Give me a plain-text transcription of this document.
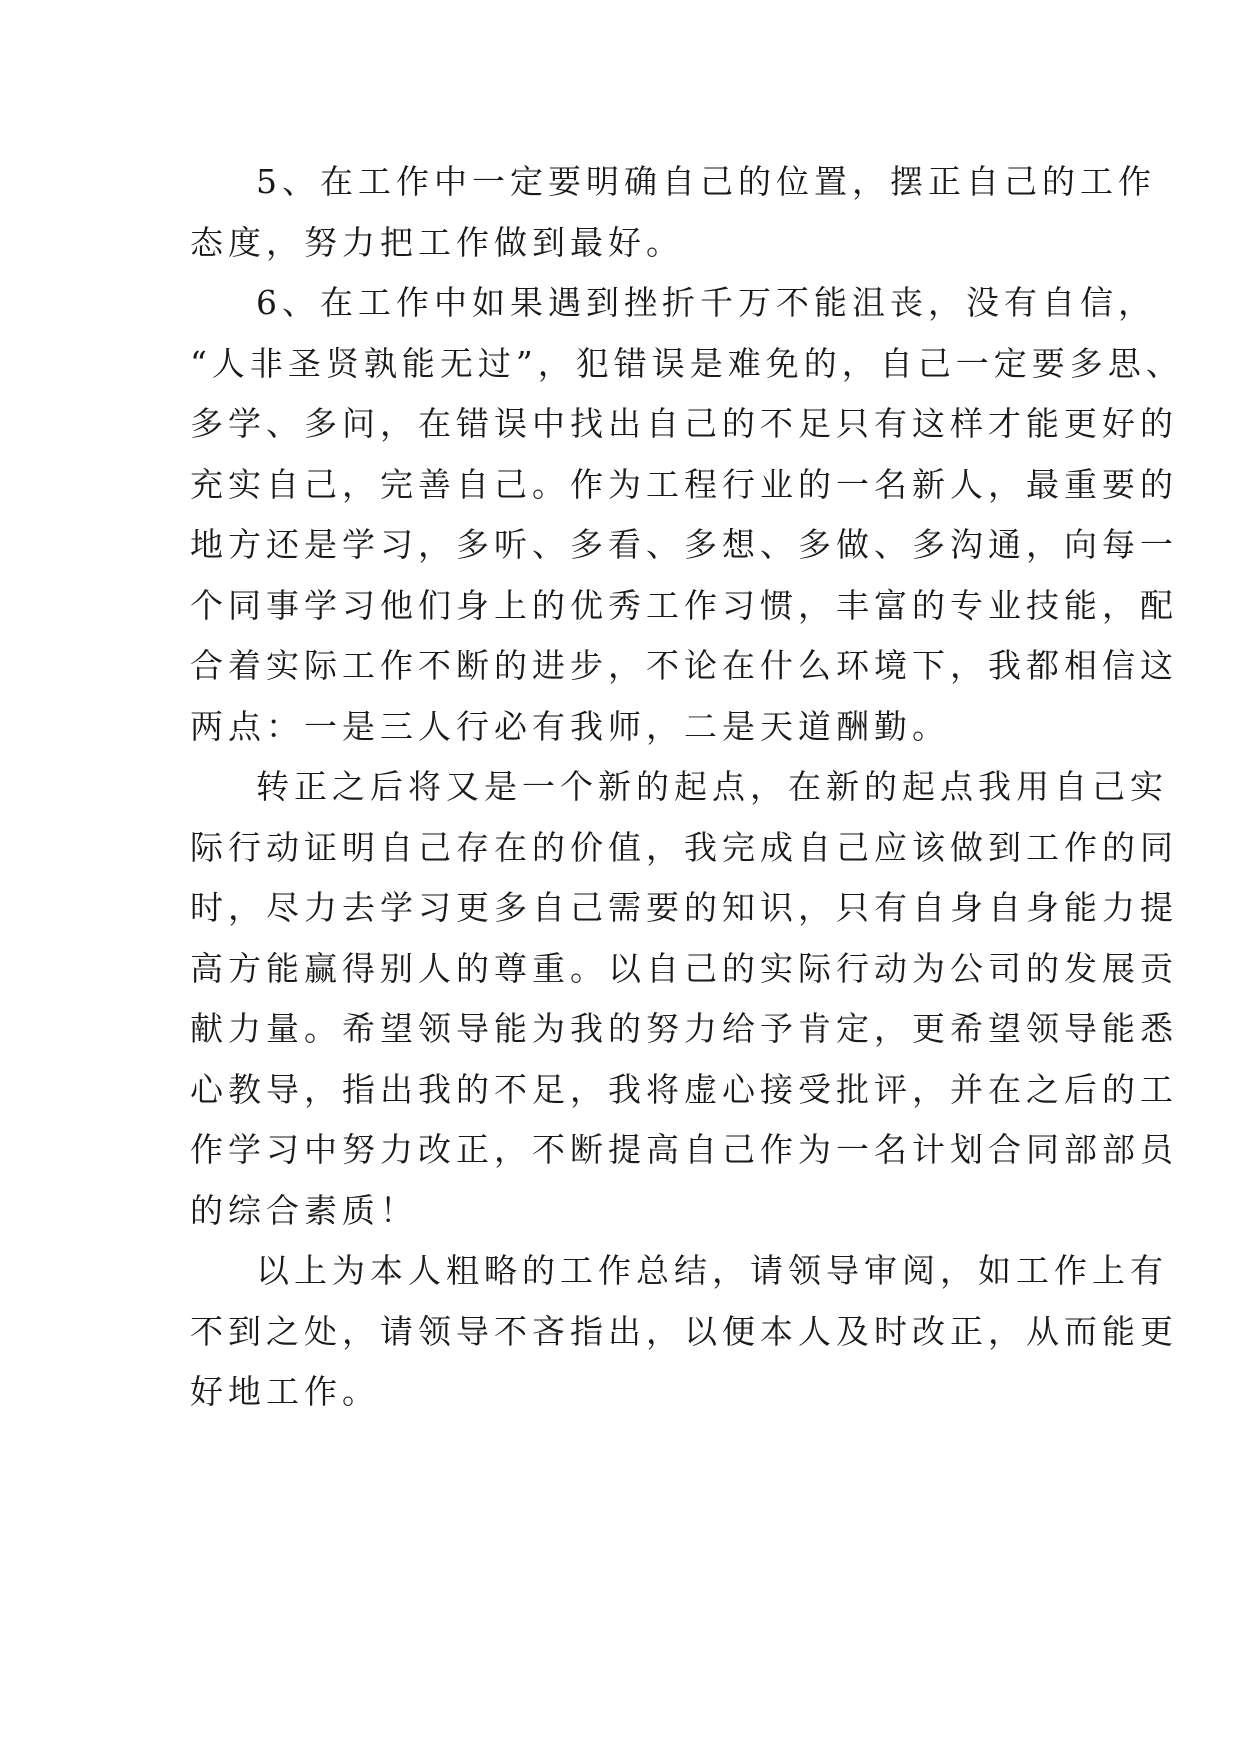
5、在工作中一定要明确自己的位置，摆正自己的工作
态度，努力把工作做到最好。
6、在工作中如果遇到挫折千万不能沮丧，没有自信，
“人非圣贤孰能无过”，犯错误是难免的，自己一定要多思、
多学、多问，在错误中找出自己的不足只有这样才能更好的
充实自己，完善自己。作为工程行业的一名新人，最重要的
地方还是学习，多听、多看、多想、多做、多沟通，向每一
个同事学习他们身上的优秀工作习惯，丰富的专业技能，配
合着实际工作不断的进步，不论在什么环境下，我都相信这
两点：一是三人行必有我师，二是天道酬勤。
转正之后将又是一个新的起点，在新的起点我用自己实
际行动证明自己存在的价值，我完成自己应该做到工作的同
时，尽力去学习更多自己需要的知识，只有自身自身能力提
高方能赢得别人的尊重。以自己的实际行动为公司的发展贡
献力量。希望领导能为我的努力给予肯定，更希望领导能悉
心教导，指出我的不足，我将虚心接受批评，并在之后的工
作学习中努力改正，不断提高自己作为一名计划合同部部员
的综合素质！
以上为本人粗略的工作总结，请领导审阅，如工作上有
不到之处，请领导不吝指出，以便本人及时改正，从而能更
好地工作。
